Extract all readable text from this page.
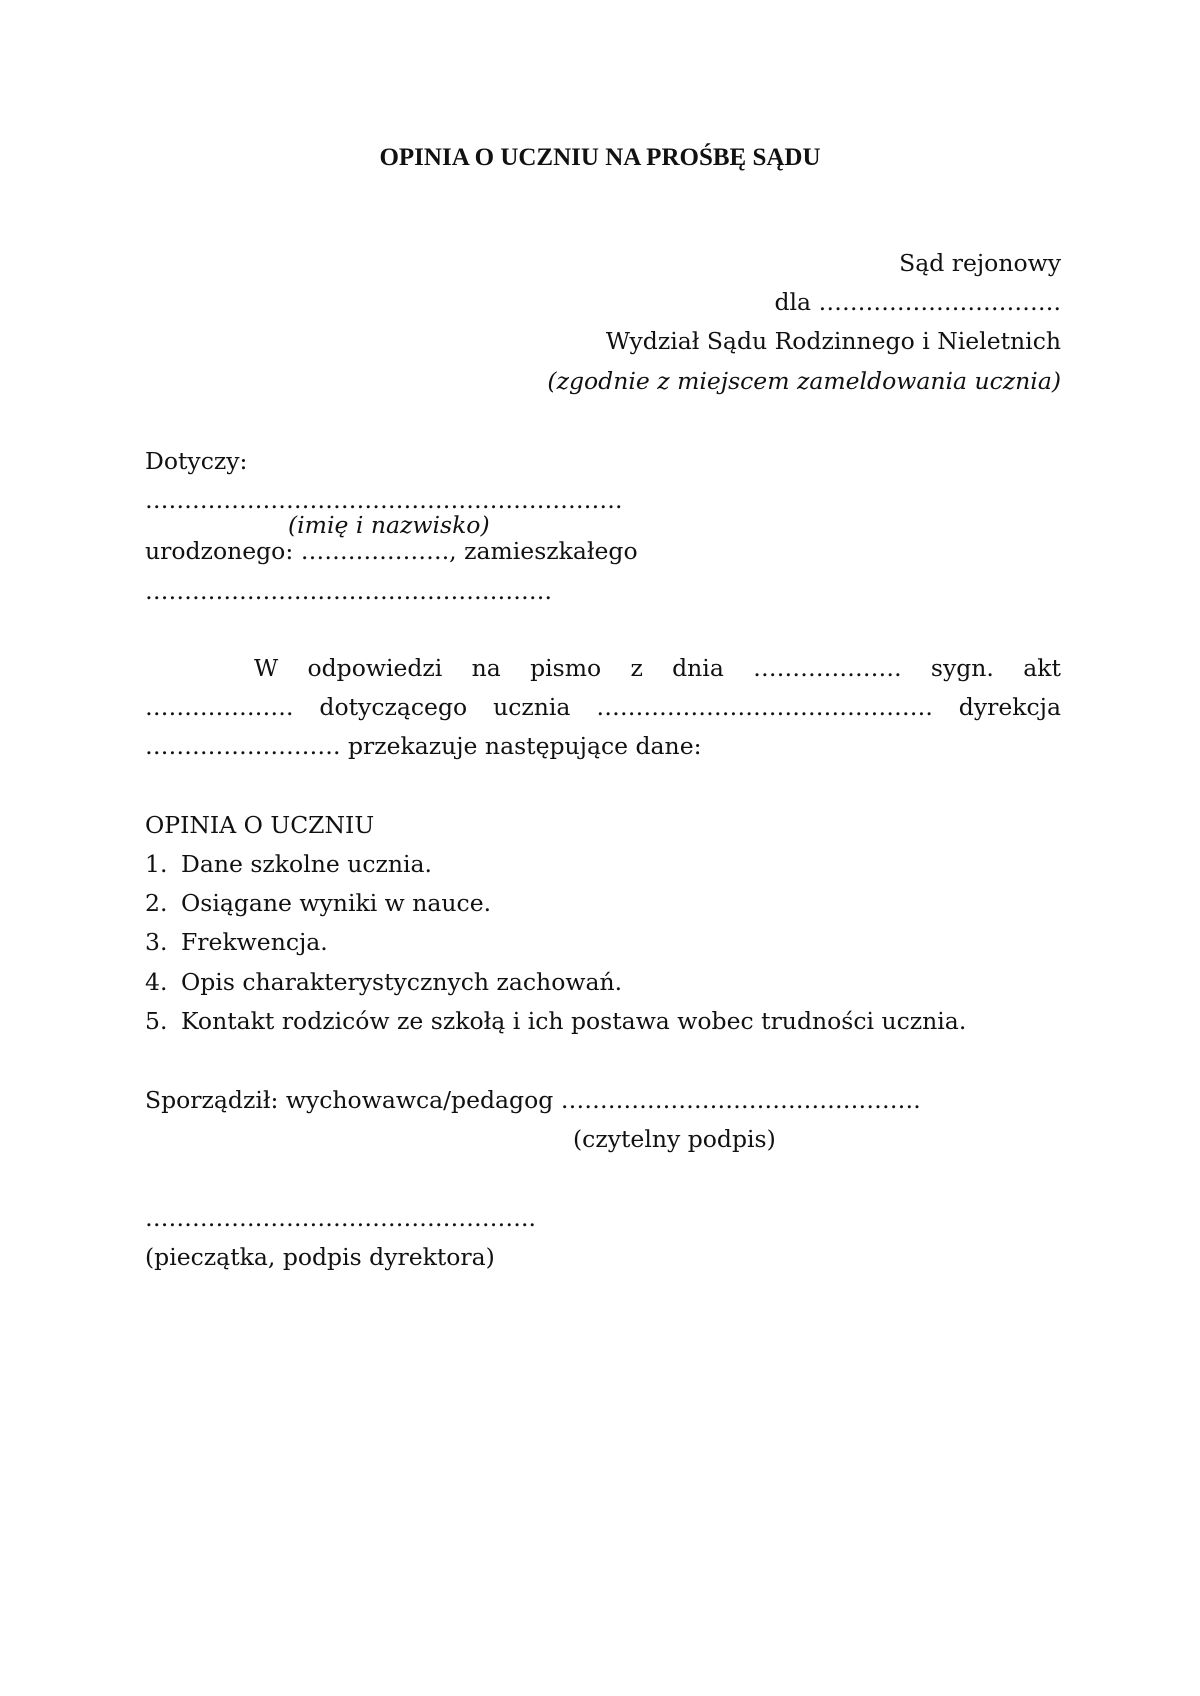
OPINIA O UCZNIU NA PROŚBĘ SĄDU
Sąd rejonowy
dla ………………………….
Wydział Sądu Rodzinnego i Nieletnich
(zgodnie z miejscem zameldowania ucznia)
Dotyczy:
…………………………………………………….
(imię i nazwisko)
urodzonego: ………………., zamieszkałego
…………………………………………….
W odpowiedzi na pismo z dnia ………………. sygn. akt
………………. dotyczącego ucznia ……………………………………. dyrekcja
……………………. przekazuje następujące dane:
OPINIA O UCZNIU
1. Dane szkolne ucznia.
2. Osiągane wyniki w nauce.
3. Frekwencja.
4. Opis charakterystycznych zachowań.
5. Kontakt rodziców ze szkołą i ich postawa wobec trudności ucznia.
Sporządził: wychowawca/pedagog ……………………………………….
(czytelny podpis)
…………………………………………..
(pieczątka, podpis dyrektora)
